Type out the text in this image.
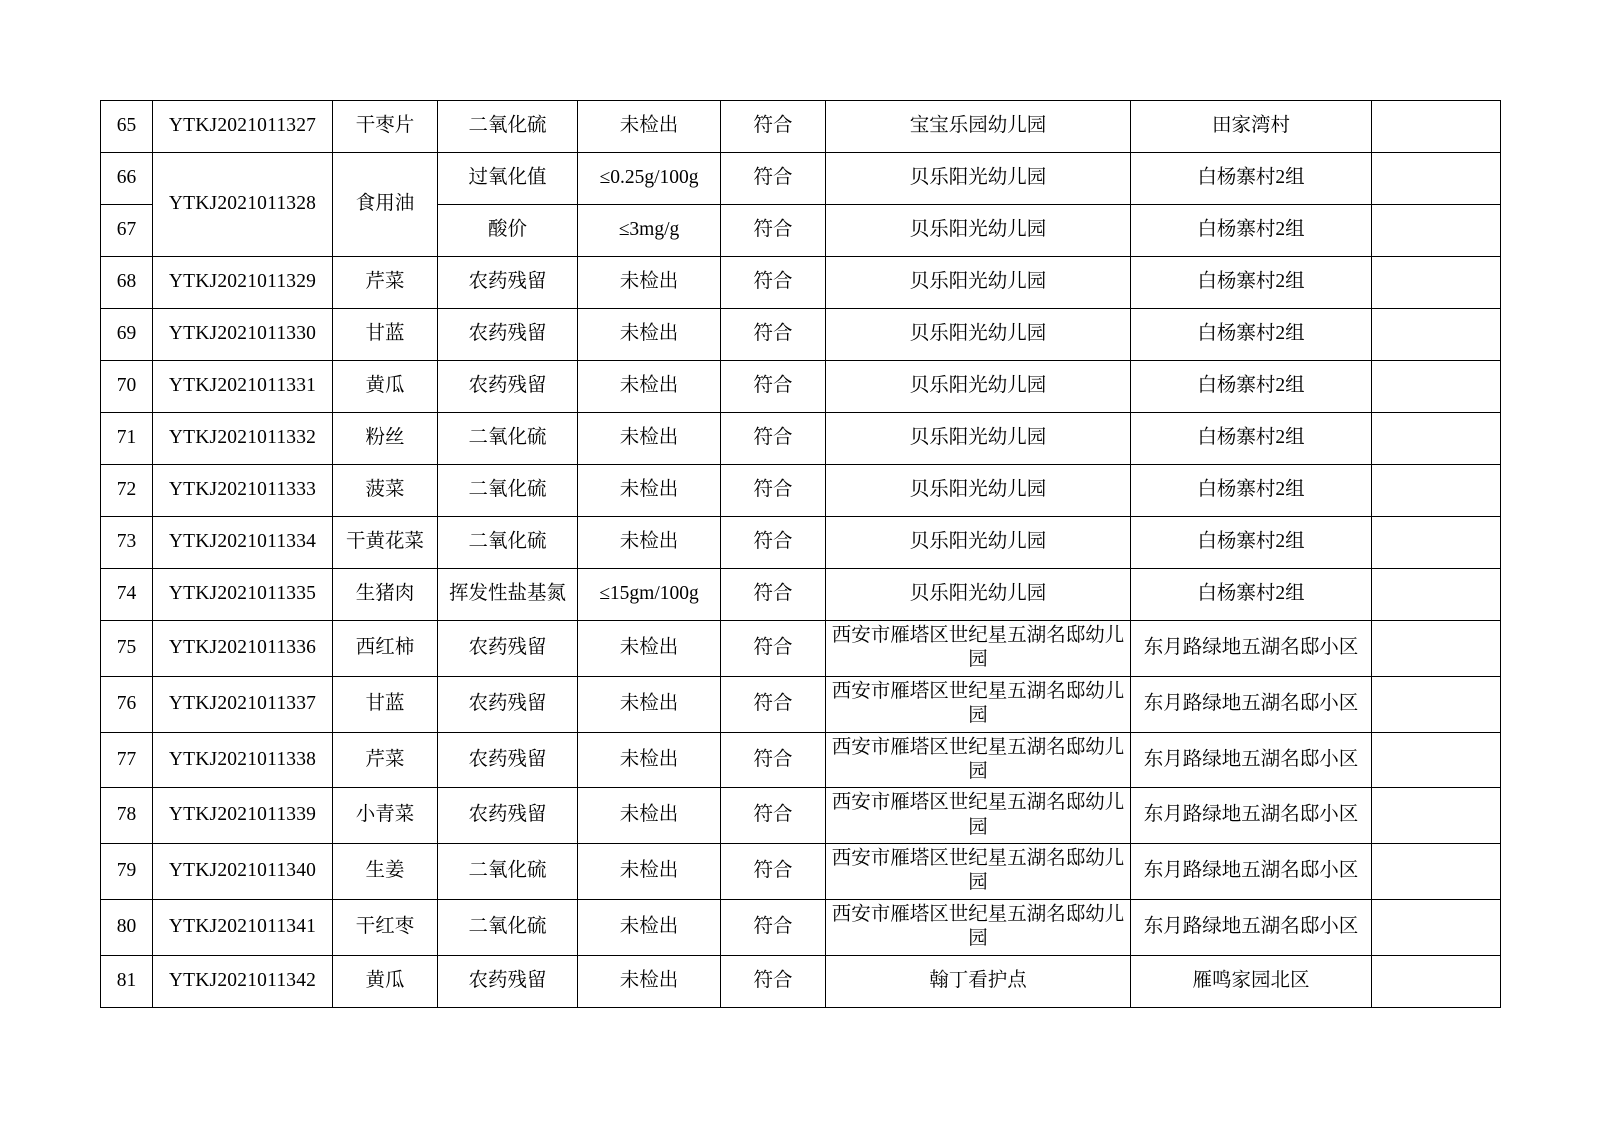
65	YTKJ2021011327	干枣片	二氧化硫	未检出	符合	宝宝乐园幼儿园	田家湾村	
66	YTKJ2021011328	食用油	过氧化值	≤0.25g/100g	符合	贝乐阳光幼儿园	白杨寨村2组	
67			酸价	≤3mg/g	符合	贝乐阳光幼儿园	白杨寨村2组	
68	YTKJ2021011329	芹菜	农药残留	未检出	符合	贝乐阳光幼儿园	白杨寨村2组	
69	YTKJ2021011330	甘蓝	农药残留	未检出	符合	贝乐阳光幼儿园	白杨寨村2组	
70	YTKJ2021011331	黄瓜	农药残留	未检出	符合	贝乐阳光幼儿园	白杨寨村2组	
71	YTKJ2021011332	粉丝	二氧化硫	未检出	符合	贝乐阳光幼儿园	白杨寨村2组	
72	YTKJ2021011333	菠菜	二氧化硫	未检出	符合	贝乐阳光幼儿园	白杨寨村2组	
73	YTKJ2021011334	干黄花菜	二氧化硫	未检出	符合	贝乐阳光幼儿园	白杨寨村2组	
74	YTKJ2021011335	生猪肉	挥发性盐基氮	≤15gm/100g	符合	贝乐阳光幼儿园	白杨寨村2组	
75	YTKJ2021011336	西红柿	农药残留	未检出	符合	西安市雁塔区世纪星五湖名邸幼儿园	东月路绿地五湖名邸小区	
76	YTKJ2021011337	甘蓝	农药残留	未检出	符合	西安市雁塔区世纪星五湖名邸幼儿园	东月路绿地五湖名邸小区	
77	YTKJ2021011338	芹菜	农药残留	未检出	符合	西安市雁塔区世纪星五湖名邸幼儿园	东月路绿地五湖名邸小区	
78	YTKJ2021011339	小青菜	农药残留	未检出	符合	西安市雁塔区世纪星五湖名邸幼儿园	东月路绿地五湖名邸小区	
79	YTKJ2021011340	生姜	二氧化硫	未检出	符合	西安市雁塔区世纪星五湖名邸幼儿园	东月路绿地五湖名邸小区	
80	YTKJ2021011341	干红枣	二氧化硫	未检出	符合	西安市雁塔区世纪星五湖名邸幼儿园	东月路绿地五湖名邸小区	
81	YTKJ2021011342	黄瓜	农药残留	未检出	符合	翰丁看护点	雁鸣家园北区	
